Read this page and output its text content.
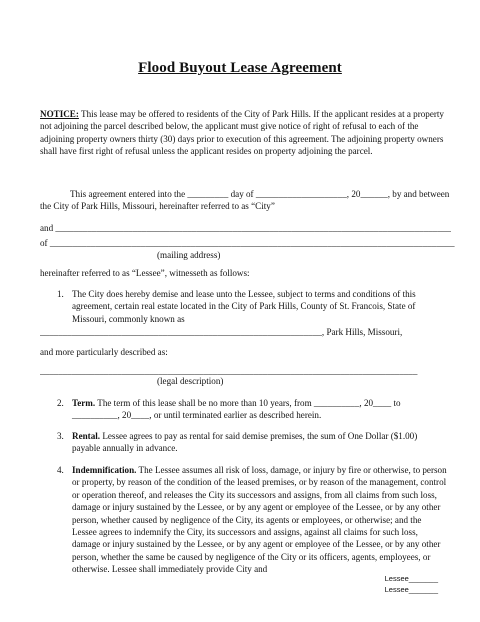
Flood Buyout Lease Agreement
NOTICE: This lease may be offered to residents of the City of Park Hills. If the applicant resides at a property not adjoining the parcel described below, the applicant must give notice of right of refusal to each of the adjoining property owners thirty (30) days prior to execution of this agreement. The adjoining property owners shall have first right of refusal unless the applicant resides on property adjoining the parcel.
This agreement entered into the _________ day of ____________________, 20______, by and between the City of Park Hills, Missouri, hereinafter referred to as “City”
and _______________________________________________________________________________________
of _________________________________________________________________________________________
(mailing address)
hereinafter referred to as “Lessee”, witnesseth as follows:
1. The City does hereby demise and lease unto the Lessee, subject to terms and conditions of this agreement, certain real estate located in the City of Park Hills, County of St. Francois, State of Missouri, commonly known as
______________________________________________________________, Park Hills, Missouri,
and more particularly described as:
___________________________________________________________________________________
(legal description)
2. Term. The term of this lease shall be no more than 10 years, from __________, 20____ to __________, 20____, or until terminated earlier as described herein.
3. Rental. Lessee agrees to pay as rental for said demise premises, the sum of One Dollar ($1.00) payable annually in advance.
4. Indemnification. The Lessee assumes all risk of loss, damage, or injury by fire or otherwise, to person or property, by reason of the condition of the leased premises, or by reason of the management, control or operation thereof, and releases the City its successors and assigns, from all claims from such loss, damage or injury sustained by the Lessee, or by any agent or employee of the Lessee, or by any other person, whether caused by negligence of the City, its agents or employees, or otherwise; and the Lessee agrees to indemnify the City, its successors and assigns, against all claims for such loss, damage or injury sustained by the Lessee, or by any agent or employee of the Lessee, or by any other person, whether the same be caused by negligence of the City or its officers, agents, employees, or otherwise. Lessee shall immediately provide City and
Lessee_______
Lessee_______
